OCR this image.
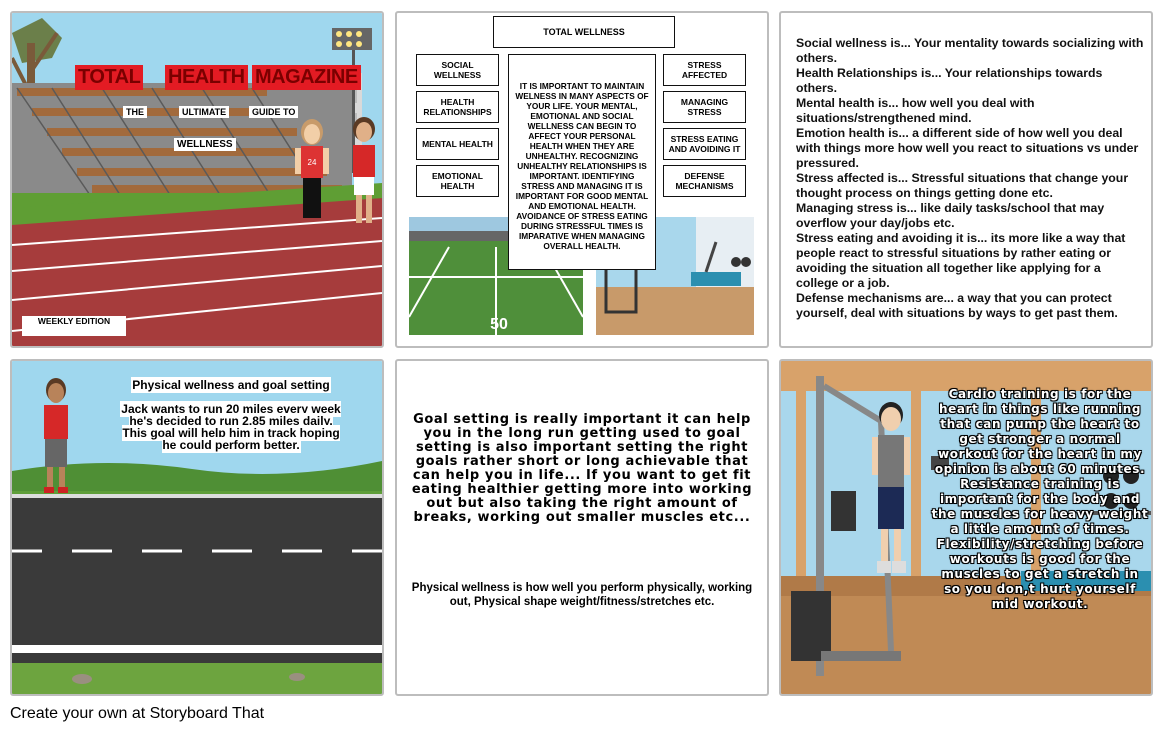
TOTAL HEALTH MAGAZINE
THE	ULTIMATE	GUIDE TO
WELLNESS
24
WEEKLY EDITION	50
TOTAL WELLNESS
SOCIAL WELLNESS
HEALTH RELATIONSHIPS
MENTAL HEALTH
EMOTIONAL HEALTH
IT IS IMPORTANT TO MAINTAIN WELNESS IN MANY ASPECTS OF YOUR LIFE. YOUR MENTAL, EMOTIONAL AND SOCIAL WELLNESS CAN BEGIN TO AFFECT YOUR PERSONAL HEALTH WHEN THEY ARE UNHEALTHY. RECOGNIZING UNHEALTHY RELATIONSHIPS IS IMPORTANT. IDENTIFYING STRESS AND MANAGING IT IS IMPORTANT FOR GOOD MENTAL AND EMOTIONAL HEALTH. AVOIDANCE OF STRESS EATING DURING STRESSFUL TIMES IS IMPARATIVE WHEN MANAGING OVERALL HEALTH.
STRESS AFFECTED
MANAGING STRESS
STRESS EATING AND AVOIDING IT
DEFENSE MECHANISMS
Social wellness is... Your mentality towards socializing with others.
Health Relationships is... Your relationships towards others.
Mental health is... how well you deal with situations/strengthened mind.
Emotion health is... a different side of how well you deal with things more how well you react to situations vs under pressured.
Stress affected is... Stressful situations that change your thought process on things getting done etc.
Managing stress is... like daily tasks/school that may overflow your day/jobs etc.
Stress eating and avoiding it is... its more like a way that people react to stressful situations by rather eating or avoiding the situation all together like applying for a college or a job.
Defense mechanisms are... a way that you can protect yourself, deal with situations by ways to get past them.
Physical wellness and goal setting

Jack wants to run 20 miles every week he's decided to run 2.85 miles daily. This goal will help him in track hoping he could perform better.
Goal setting is really important it can help you in the long run getting used to goal setting is also important setting the right goals rather short or long achievable that can help you in life... If you want to get fit eating healthier getting more into working out but also taking the right amount of breaks, working out smaller muscles etc...
Physical wellness is how well you perform physically, working out, Physical shape weight/fitness/stretches etc.
Cardio training is for the heart in things like running that can pump the heart to get stronger a normal workout for the heart in my opinion is about 60 minutes. Resistance training is important for the body and the muscles for heavy weight a little amount of times. Flexibility/stretching before workouts is good for the muscles to get a stretch in so you don,t hurt yourself mid workout.
Create your own at Storyboard That
